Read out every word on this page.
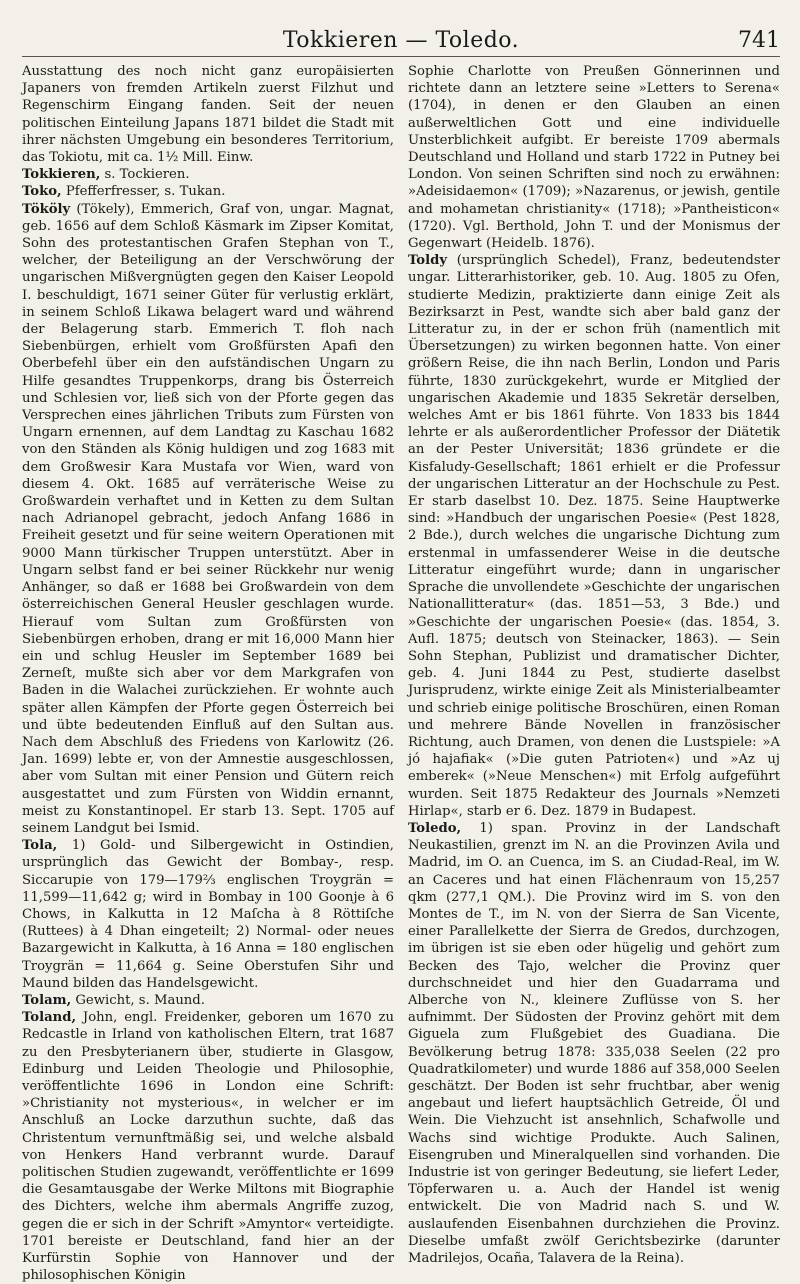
Tokkieren — Toledo.	741

Ausstattung des noch nicht ganz europäisierten Japaners von fremden Artikeln zuerst Filzhut und Regenschirm Eingang fanden. Seit der neuen politischen Einteilung Japans 1871 bildet die Stadt mit ihrer nächsten Umgebung ein besonderes Territorium, das Tokiotu, mit ca. 1½ Mill. Einw.

Tokkieren, s. Tockieren.

Toko, Pfefferfresser, s. Tukan.

Tököly (Tökely), Emmerich, Graf von, ungar. Magnat, geb. 1656 auf dem Schloß Käsmark im Zipser Komitat, Sohn des protestantischen Grafen Stephan von T., welcher, der Beteiligung an der Verschwörung der ungarischen Mißvergnügten gegen den Kaiser Leopold I. beschuldigt, 1671 seiner Güter für verlustig erklärt, in seinem Schloß Likawa belagert ward und während der Belagerung starb. Emmerich T. floh nach Siebenbürgen, erhielt vom Großfürsten Apafi den Oberbefehl über ein den aufständischen Ungarn zu Hilfe gesandtes Truppenkorps, drang bis Österreich und Schlesien vor, ließ sich von der Pforte gegen das Versprechen eines jährlichen Tributs zum Fürsten von Ungarn ernennen, auf dem Landtag zu Kaschau 1682 von den Ständen als König huldigen und zog 1683 mit dem Großwesir Kara Mustafa vor Wien, ward von diesem 4. Okt. 1685 auf verräterische Weise zu Großwardein verhaftet und in Ketten zu dem Sultan nach Adrianopel gebracht, jedoch Anfang 1686 in Freiheit gesetzt und für seine weitern Operationen mit 9000 Mann türkischer Truppen unterstützt. Aber in Ungarn selbst fand er bei seiner Rückkehr nur wenig Anhänger, so daß er 1688 bei Großwardein von dem österreichischen General Heusler geschlagen wurde. Hierauf vom Sultan zum Großfürsten von Siebenbürgen erhoben, drang er mit 16,000 Mann hier ein und schlug Heusler im September 1689 bei Zerneſt, mußte sich aber vor dem Markgrafen von Baden in die Walachei zurückziehen. Er wohnte auch später allen Kämpfen der Pforte gegen Österreich bei und übte bedeutenden Einfluß auf den Sultan aus. Nach dem Abschluß des Friedens von Karlowitz (26. Jan. 1699) lebte er, von der Amnestie ausgeschlossen, aber vom Sultan mit einer Pension und Gütern reich ausgestattet und zum Fürsten von Widdin ernannt, meist zu Konstantinopel. Er starb 13. Sept. 1705 auf seinem Landgut bei Ismid.

Tola, 1) Gold- und Silbergewicht in Ostindien, ursprünglich das Gewicht der Bombay-, resp. Siccarupie von 179—179⅔ englischen Troygrän = 11,599—11,642 g; wird in Bombay in 100 Goonje à 6 Chows, in Kalkutta in 12 Maſcha à 8 Röttiſche (Ruttees) à 4 Dhan eingeteilt; 2) Normal- oder neues Bazargewicht in Kalkutta, à 16 Anna = 180 englischen Troygrän = 11,664 g. Seine Oberstufen Sihr und Maund bilden das Handelsgewicht.

Tolam, Gewicht, s. Maund.

Toland, John, engl. Freidenker, geboren um 1670 zu Redcastle in Irland von katholischen Eltern, trat 1687 zu den Presbyterianern über, studierte in Glasgow, Edinburg und Leiden Theologie und Philosophie, veröffentlichte 1696 in London eine Schrift: »Christianity not mysterious«, in welcher er im Anschluß an Locke darzuthun suchte, daß das Christentum vernunftmäßig sei, und welche alsbald von Henkers Hand verbrannt wurde. Darauf politischen Studien zugewandt, veröffentlichte er 1699 die Gesamtausgabe der Werke Miltons mit Biographie des Dichters, welche ihm abermals Angriffe zuzog, gegen die er sich in der Schrift »Amyntor« verteidigte. 1701 bereiste er Deutschland, fand hier an der Kurfürstin Sophie von Hannover und der philosophischen Königin

Sophie Charlotte von Preußen Gönnerinnen und richtete dann an letztere seine »Letters to Serena« (1704), in denen er den Glauben an einen außerweltlichen Gott und eine individuelle Unsterblichkeit aufgibt. Er bereiste 1709 abermals Deutschland und Holland und starb 1722 in Putney bei London. Von seinen Schriften sind noch zu erwähnen: »Adeisidaemon« (1709); »Nazarenus, or jewish, gentile and mohametan christianity« (1718); »Pantheisticon« (1720). Vgl. Berthold, John T. und der Monismus der Gegenwart (Heidelb. 1876).

Toldy (ursprünglich Schedel), Franz, bedeutendster ungar. Litterarhistoriker, geb. 10. Aug. 1805 zu Ofen, studierte Medizin, praktizierte dann einige Zeit als Bezirksarzt in Pest, wandte sich aber bald ganz der Litteratur zu, in der er schon früh (namentlich mit Übersetzungen) zu wirken begonnen hatte. Von einer größern Reise, die ihn nach Berlin, London und Paris führte, 1830 zurückgekehrt, wurde er Mitglied der ungarischen Akademie und 1835 Sekretär derselben, welches Amt er bis 1861 führte. Von 1833 bis 1844 lehrte er als außerordentlicher Professor der Diätetik an der Pester Universität; 1836 gründete er die Kisfaludy-Gesellschaft; 1861 erhielt er die Professur der ungarischen Litteratur an der Hochschule zu Pest. Er starb daselbst 10. Dez. 1875. Seine Hauptwerke sind: »Handbuch der ungarischen Poesie« (Pest 1828, 2 Bde.), durch welches die ungarische Dichtung zum erstenmal in umfassenderer Weise in die deutsche Litteratur eingeführt wurde; dann in ungarischer Sprache die unvollendete »Geschichte der ungarischen Nationallitteratur« (das. 1851—53, 3 Bde.) und »Geschichte der ungarischen Poesie« (das. 1854, 3. Aufl. 1875; deutsch von Steinacker, 1863). — Sein Sohn Stephan, Publizist und dramatischer Dichter, geb. 4. Juni 1844 zu Pest, studierte daselbst Jurisprudenz, wirkte einige Zeit als Ministerialbeamter und schrieb einige politische Broschüren, einen Roman und mehrere Bände Novellen in französischer Richtung, auch Dramen, von denen die Lustspiele: »A jó hajafiak« (»Die guten Patrioten«) und »Az uj emberek« (»Neue Menschen«) mit Erfolg aufgeführt wurden. Seit 1875 Redakteur des Journals »Nemzeti Hirlap«, starb er 6. Dez. 1879 in Budapest.

Toledo, 1) span. Provinz in der Landschaft Neukastilien, grenzt im N. an die Provinzen Avila und Madrid, im O. an Cuenca, im S. an Ciudad-Real, im W. an Caceres und hat einen Flächenraum von 15,257 qkm (277,1 QM.). Die Provinz wird im S. von den Montes de T., im N. von der Sierra de San Vicente, einer Parallelkette der Sierra de Gredos, durchzogen, im übrigen ist sie eben oder hügelig und gehört zum Becken des Tajo, welcher die Provinz quer durchschneidet und hier den Guadarrama und Alberche von N., kleinere Zuflüsse von S. her aufnimmt. Der Südosten der Provinz gehört mit dem Giguela zum Flußgebiet des Guadiana. Die Bevölkerung betrug 1878: 335,038 Seelen (22 pro Quadratkilometer) und wurde 1886 auf 358,000 Seelen geschätzt. Der Boden ist sehr fruchtbar, aber wenig angebaut und liefert hauptsächlich Getreide, Öl und Wein. Die Viehzucht ist ansehnlich, Schafwolle und Wachs sind wichtige Produkte. Auch Salinen, Eisengruben und Mineralquellen sind vorhanden. Die Industrie ist von geringer Bedeutung, sie liefert Leder, Töpferwaren u. a. Auch der Handel ist wenig entwickelt. Die von Madrid nach S. und W. auslaufenden Eisenbahnen durchziehen die Provinz. Dieselbe umfaßt zwölf Gerichtsbezirke (darunter Madrilejos, Ocaña, Talavera de la Reina).
